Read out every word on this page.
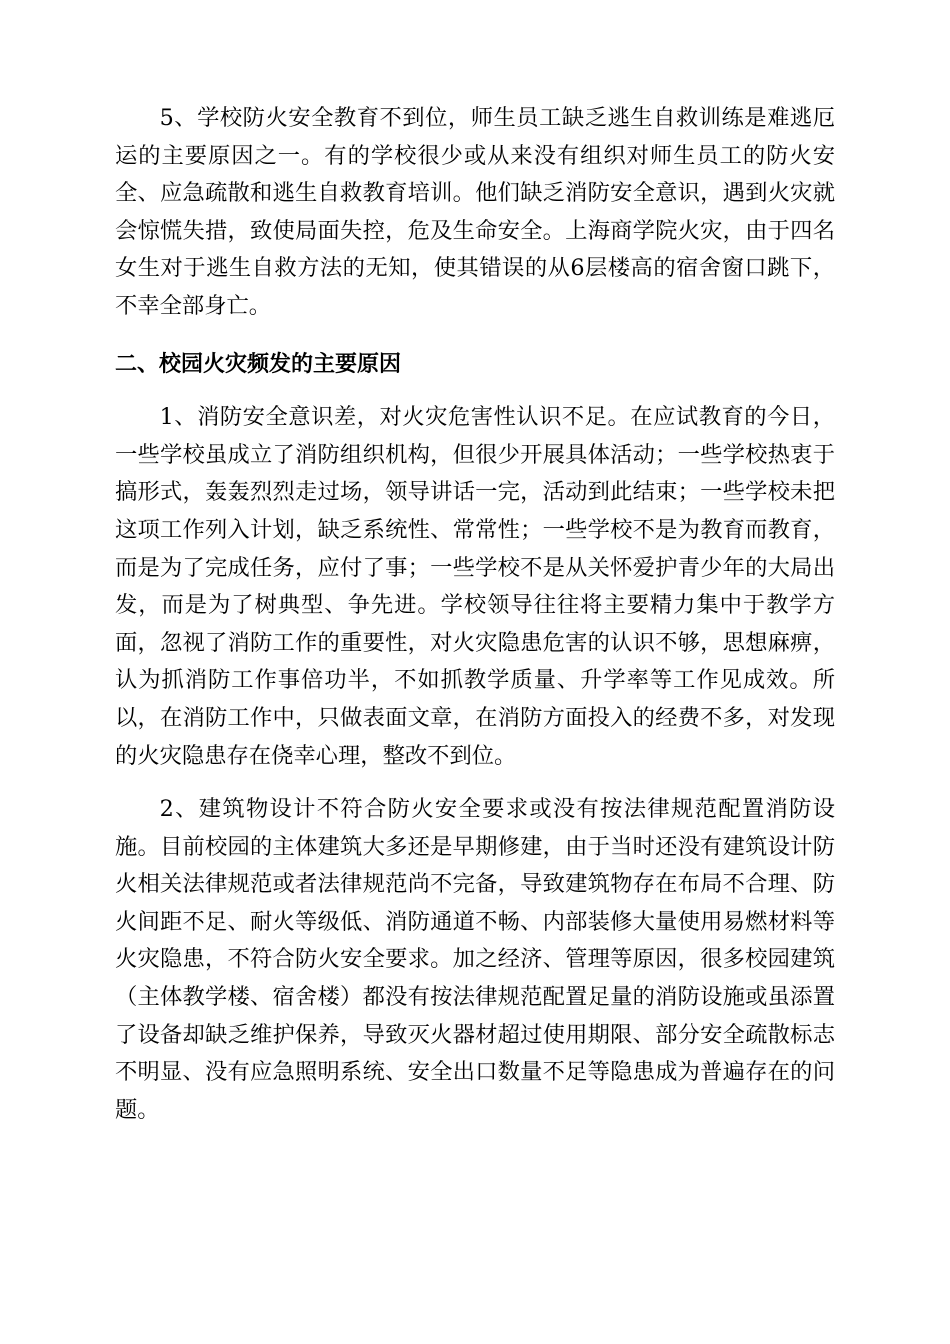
5、学校防火安全教育不到位，师生员工缺乏逃生自救训练是难逃厄运的主要原因之一。有的学校很少或从来没有组织对师生员工的防火安全、应急疏散和逃生自救教育培训。他们缺乏消防安全意识，遇到火灾就会惊慌失措，致使局面失控，危及生命安全。上海商学院火灾，由于四名女生对于逃生自救方法的无知，使其错误的从6层楼高的宿舍窗口跳下，不幸全部身亡。

二、校园火灾频发的主要原因

1、消防安全意识差，对火灾危害性认识不足。在应试教育的今日，一些学校虽成立了消防组织机构，但很少开展具体活动；一些学校热衷于搞形式，轰轰烈烈走过场，领导讲话一完，活动到此结束；一些学校未把这项工作列入计划，缺乏系统性、常常性；一些学校不是为教育而教育，而是为了完成任务，应付了事；一些学校不是从关怀爱护青少年的大局出发，而是为了树典型、争先进。学校领导往往将主要精力集中于教学方面，忽视了消防工作的重要性，对火灾隐患危害的认识不够，思想麻痹，认为抓消防工作事倍功半，不如抓教学质量、升学率等工作见成效。所以，在消防工作中，只做表面文章，在消防方面投入的经费不多，对发现的火灾隐患存在侥幸心理，整改不到位。

2、建筑物设计不符合防火安全要求或没有按法律规范配置消防设施。目前校园的主体建筑大多还是早期修建，由于当时还没有建筑设计防火相关法律规范或者法律规范尚不完备，导致建筑物存在布局不合理、防火间距不足、耐火等级低、消防通道不畅、内部装修大量使用易燃材料等火灾隐患，不符合防火安全要求。加之经济、管理等原因，很多校园建筑（主体教学楼、宿舍楼）都没有按法律规范配置足量的消防设施或虽添置了设备却缺乏维护保养，导致灭火器材超过使用期限、部分安全疏散标志不明显、没有应急照明系统、安全出口数量不足等隐患成为普遍存在的问题。
